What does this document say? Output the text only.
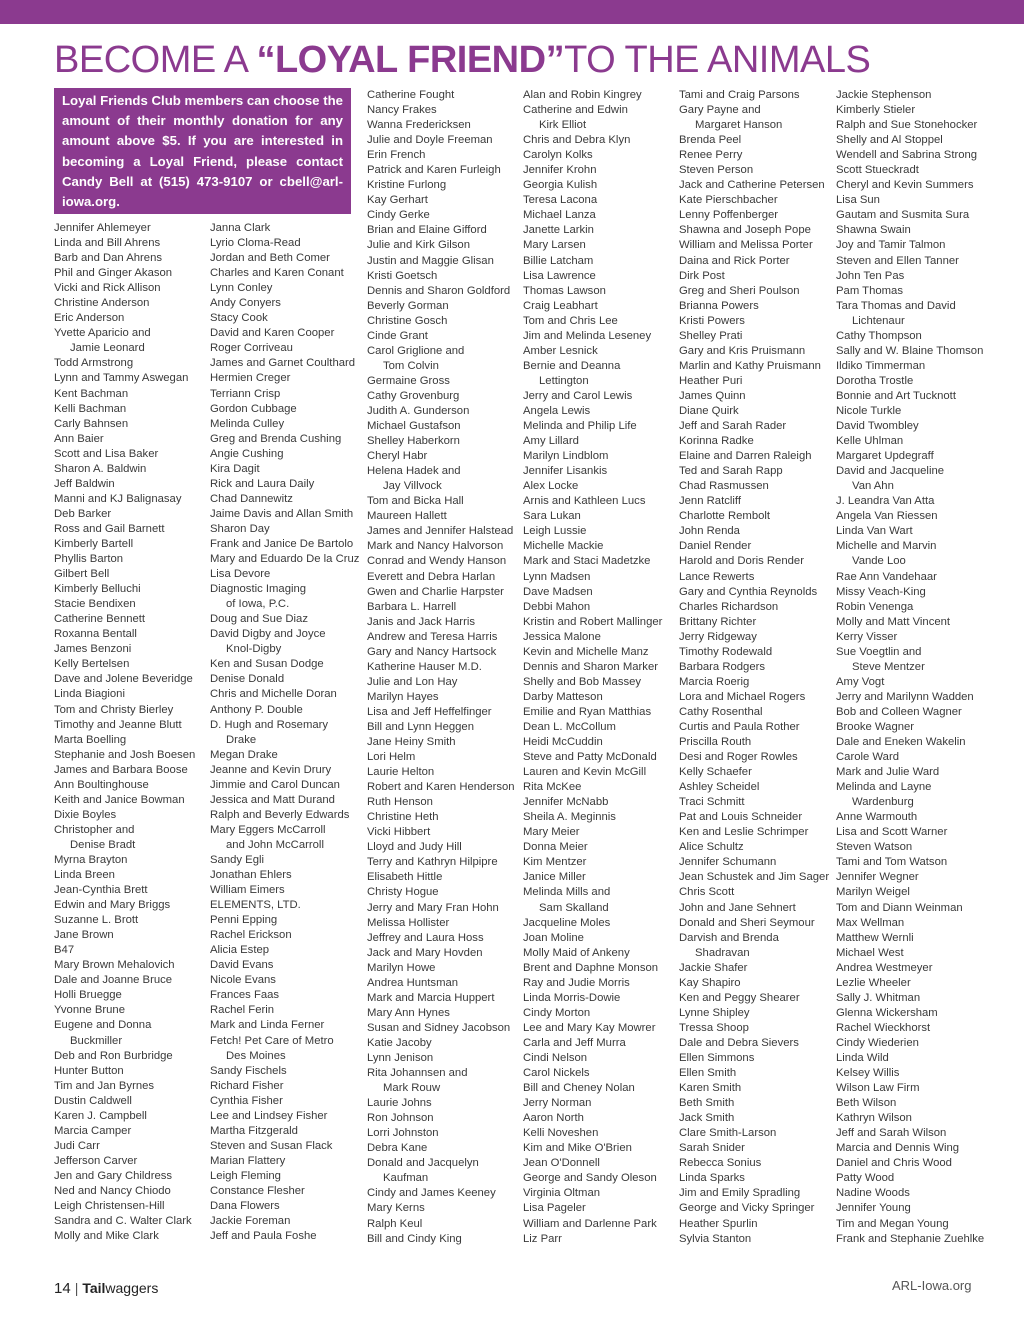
BECOME A “LOYAL FRIEND”TO THE ANIMALS
Loyal Friends Club members can choose the amount of their monthly donation for any amount above $5. If you are interested in becoming a Loyal Friend, please contact Candy Bell at (515) 473-9107 or cbell@arl-iowa.org.
Jennifer Ahlemeyer
Linda and Bill Ahrens
Barb and Dan Ahrens
Phil and Ginger Akason
Vicki and Rick Allison
Christine Anderson
Eric Anderson
Yvette Aparicio and
Jamie Leonard
Todd Armstrong
Lynn and Tammy Aswegan
Kent Bachman
Kelli Bachman
Carly Bahnsen
Ann Baier
Scott and Lisa Baker
Sharon A. Baldwin
Jeff Baldwin
Manni and KJ Balignasay
Deb Barker
Ross and Gail Barnett
Kimberly Bartell
Phyllis Barton
Gilbert Bell
Kimberly Belluchi
Stacie Bendixen
Catherine Bennett
Roxanna Bentall
James Benzoni
Kelly Bertelsen
Dave and Jolene Beveridge
Linda Biagioni
Tom and Christy Bierley
Timothy and Jeanne Blutt
Marta Boelling
Stephanie and Josh Boesen
James and Barbara Boose
Ann Boultinghouse
Keith and Janice Bowman
Dixie Boyles
Christopher and
Denise Bradt
Myrna Brayton
Linda Breen
Jean-Cynthia Brett
Edwin and Mary Briggs
Suzanne L. Brott
Jane Brown
B47
Mary Brown Mehalovich
Dale and Joanne Bruce
Holli Bruegge
Yvonne Brune
Eugene and Donna
Buckmiller
Deb and Ron Burbridge
Hunter Button
Tim and Jan Byrnes
Dustin Caldwell
Karen J. Campbell
Marcia Camper
Judi Carr
Jefferson Carver
Jen and Gary Childress
Ned and Nancy Chiodo
Leigh Christensen-Hill
Sandra and C. Walter Clark
Molly and Mike Clark
Janna Clark
Lyrio Cloma-Read
Jordan and Beth Comer
Charles and Karen Conant
Lynn Conley
Andy Conyers
Stacy Cook
David and Karen Cooper
Roger Corriveau
James and Garnet Coulthard
Hermien Creger
Terriann Crisp
Gordon Cubbage
Melinda Culley
Greg and Brenda Cushing
Angie Cushing
Kira Dagit
Rick and Laura Daily
Chad Dannewitz
Jaime Davis and Allan Smith
Sharon Day
Frank and Janice De Bartolo
Mary and Eduardo De la Cruz
Lisa Devore
Diagnostic Imaging
of Iowa, P.C.
Doug and Sue Diaz
David Digby and Joyce
Knol-Digby
Ken and Susan Dodge
Denise Donald
Chris and Michelle Doran
Anthony P. Double
D. Hugh and Rosemary
Drake
Megan Drake
Jeanne and Kevin Drury
Jimmie and Carol Duncan
Jessica and Matt Durand
Ralph and Beverly Edwards
Mary Eggers McCarroll
and John McCarroll
Sandy Egli
Jonathan Ehlers
William Eimers
ELEMENTS, LTD.
Penni Epping
Rachel Erickson
Alicia Estep
David Evans
Nicole Evans
Frances Faas
Rachel Ferin
Mark and Linda Ferner
Fetch! Pet Care of Metro
Des Moines
Sandy Fischels
Richard Fisher
Cynthia Fisher
Lee and Lindsey Fisher
Martha Fitzgerald
Steven and Susan Flack
Marian Flattery
Leigh Fleming
Constance Flesher
Dana Flowers
Jackie Foreman
Jeff and Paula Foshe
Catherine Fought
Nancy Frakes
Wanna Fredericksen
Julie and Doyle Freeman
Erin French
Patrick and Karen Furleigh
Kristine Furlong
Kay Gerhart
Cindy Gerke
Brian and Elaine Gifford
Julie and Kirk Gilson
Justin and Maggie Glisan
Kristi Goetsch
Dennis and Sharon Goldford
Beverly Gorman
Christine Gosch
Cinde Grant
Carol Griglione and
Tom Colvin
Germaine Gross
Cathy Grovenburg
Judith A. Gunderson
Michael Gustafson
Shelley Haberkorn
Cheryl Habr
Helena Hadek and
Jay Villvock
Tom and Bicka Hall
Maureen Hallett
James and Jennifer Halstead
Mark and Nancy Halvorson
Conrad and Wendy Hanson
Everett and Debra Harlan
Gwen and Charlie Harpster
Barbara L. Harrell
Janis and Jack Harris
Andrew and Teresa Harris
Gary and Nancy Hartsock
Katherine Hauser M.D.
Julie and Lon Hay
Marilyn Hayes
Lisa and Jeff Heffelfinger
Bill and Lynn Heggen
Jane Heiny Smith
Lori Helm
Laurie Helton
Robert and Karen Henderson
Ruth Henson
Christine Heth
Vicki Hibbert
Lloyd and Judy Hill
Terry and Kathryn Hilpipre
Elisabeth Hittle
Christy Hogue
Jerry and Mary Fran Hohn
Melissa Hollister
Jeffrey and Laura Hoss
Jack and Mary Hovden
Marilyn Howe
Andrea Huntsman
Mark and Marcia Huppert
Mary Ann Hynes
Susan and Sidney Jacobson
Katie Jacoby
Lynn Jenison
Rita Johannsen and
Mark Rouw
Laurie Johns
Ron Johnson
Lorri Johnston
Debra Kane
Donald and Jacquelyn
Kaufman
Cindy and James Keeney
Mary Kerns
Ralph Keul
Bill and Cindy King
Alan and Robin Kingrey
Catherine and Edwin
Kirk Elliot
Chris and Debra Klyn
Carolyn Kolks
Jennifer Krohn
Georgia Kulish
Teresa Lacona
Michael Lanza
Janette Larkin
Mary Larsen
Billie Latcham
Lisa Lawrence
Thomas Lawson
Craig Leabhart
Tom and Chris Lee
Jim and Melinda Leseney
Amber Lesnick
Bernie and Deanna
Lettington
Jerry and Carol Lewis
Angela Lewis
Melinda and Philip Life
Amy Lillard
Marilyn Lindblom
Jennifer Lisankis
Alex Locke
Arnis and Kathleen Lucs
Sara Lukan
Leigh Lussie
Michelle Mackie
Mark and Staci Madetzke
Lynn Madsen
Dave Madsen
Debbi Mahon
Kristin and Robert Mallinger
Jessica Malone
Kevin and Michelle Manz
Dennis and Sharon Marker
Shelly and Bob Massey
Darby Matteson
Emilie and Ryan Matthias
Dean L. McCollum
Heidi McCuddin
Steve and Patty McDonald
Lauren and Kevin McGill
Rita McKee
Jennifer McNabb
Sheila A. Meginnis
Mary Meier
Donna Meier
Kim Mentzer
Janice Miller
Melinda Mills and
Sam Skalland
Jacqueline Moles
Joan Moline
Molly Maid of Ankeny
Brent and Daphne Monson
Ray and Judie Morris
Linda Morris-Dowie
Cindy Morton
Lee and Mary Kay Mowrer
Carla and Jeff Murra
Cindi Nelson
Carol Nickels
Bill and Cheney Nolan
Jerry Norman
Aaron North
Kelli Noveshen
Kim and Mike O'Brien
Jean O'Donnell
George and Sandy Oleson
Virginia Oltman
Lisa Pageler
William and Darlenne Park
Liz Parr
Tami and Craig Parsons
Gary Payne and
Margaret Hanson
Brenda Peel
Renee Perry
Steven Person
Jack and Catherine Petersen
Kate Pierschbacher
Lenny Poffenberger
Shawna and Joseph Pope
William and Melissa Porter
Daina and Rick Porter
Dirk Post
Greg and Sheri Poulson
Brianna Powers
Kristi Powers
Shelley Prati
Gary and Kris Pruismann
Marlin and Kathy Pruismann
Heather Puri
James Quinn
Diane Quirk
Jeff and Sarah Rader
Korinna Radke
Elaine and Darren Raleigh
Ted and Sarah Rapp
Chad Rasmussen
Jenn Ratcliff
Charlotte Rembolt
John Renda
Daniel Render
Harold and Doris Render
Lance Rewerts
Gary and Cynthia Reynolds
Charles Richardson
Brittany Richter
Jerry Ridgeway
Timothy Rodewald
Barbara Rodgers
Marcia Roerig
Lora and Michael Rogers
Cathy Rosenthal
Curtis and Paula Rother
Priscilla Routh
Desi and Roger Rowles
Kelly Schaefer
Ashley Scheidel
Traci Schmitt
Pat and Louis Schneider
Ken and Leslie Schrimper
Alice Schultz
Jennifer Schumann
Jean Schustek and Jim Sager
Chris Scott
John and Jane Sehnert
Donald and Sheri Seymour
Darvish and Brenda
Shadravan
Jackie Shafer
Kay Shapiro
Ken and Peggy Shearer
Lynne Shipley
Tressa Shoop
Dale and Debra Sievers
Ellen Simmons
Ellen Smith
Karen Smith
Beth Smith
Jack Smith
Clare Smith-Larson
Sarah Snider
Rebecca Sonius
Linda Sparks
Jim and Emily Spradling
George and Vicky Springer
Heather Spurlin
Sylvia Stanton
Jackie Stephenson
Kimberly Stieler
Ralph and Sue Stonehocker
Shelly and Al Stoppel
Wendell and Sabrina Strong
Scott Stueckradt
Cheryl and Kevin Summers
Lisa Sun
Gautam and Susmita Sura
Shawna Swain
Joy and Tamir Talmon
Steven and Ellen Tanner
John Ten Pas
Pam Thomas
Tara Thomas and David
Lichtenaur
Cathy Thompson
Sally and W. Blaine Thomson
Ildiko Timmerman
Dorotha Trostle
Bonnie and Art Tucknott
Nicole Turkle
David Twombley
Kelle Uhlman
Margaret Updegraff
David and Jacqueline
Van Ahn
J. Leandra Van Atta
Angela Van Riessen
Linda Van Wart
Michelle and Marvin
Vande Loo
Rae Ann Vandehaar
Missy Veach-King
Robin Venenga
Molly and Matt Vincent
Kerry Visser
Sue Voegtlin and
Steve Mentzer
Amy Vogt
Jerry and Marilynn Wadden
Bob and Colleen Wagner
Brooke Wagner
Dale and Eneken Wakelin
Carole Ward
Mark and Julie Ward
Melinda and Layne
Wardenburg
Anne Warmouth
Lisa and Scott Warner
Steven Watson
Tami and Tom Watson
Jennifer Wegner
Marilyn Weigel
Tom and Diann Weinman
Max Wellman
Matthew Wernli
Michael West
Andrea Westmeyer
Lezlie Wheeler
Sally J. Whitman
Glenna Wickersham
Rachel Wieckhorst
Cindy Wiederien
Linda Wild
Kelsey Willis
Wilson Law Firm
Beth Wilson
Kathryn Wilson
Jeff and Sarah Wilson
Marcia and Dennis Wing
Daniel and Chris Wood
Patty Wood
Nadine Woods
Jennifer Young
Tim and Megan Young
Frank and Stephanie Zuehlke
14 | Tailwaggers	ARL-Iowa.org
